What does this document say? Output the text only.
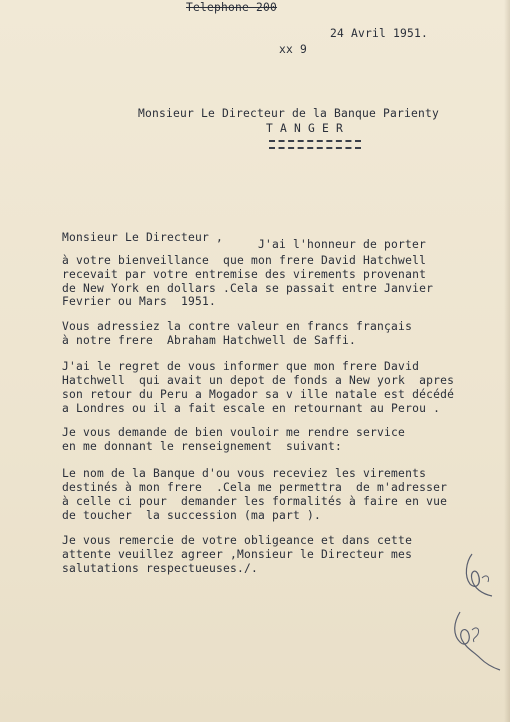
Telephone 200
24 Avril 1951.
xx 9
Monsieur Le Directeur de la Banque Parienty
T A N G E R
Monsieur Le Directeur ,
J'ai l'honneur de porter
à votre bienveillance  que mon frere David Hatchwell
recevait par votre entremise des virements provenant
de New York en dollars .Cela se passait entre Janvier
Fevrier ou Mars  1951.
Vous adressiez la contre valeur en francs français
à notre frere  Abraham Hatchwell de Saffi.
J'ai le regret de vous informer que mon frere David
Hatchwell  qui avait un depot de fonds a New york  apres
son retour du Peru a Mogador sa v ille natale est décédé
a Londres ou il a fait escale en retournant au Perou .
Je vous demande de bien vouloir me rendre service
en me donnant le renseignement  suivant:
Le nom de la Banque d'ou vous receviez les virements
destinés à mon frere  .Cela me permettra  de m'adresser
à celle ci pour  demander les formalités à faire en vue
de toucher  la succession (ma part ).
Je vous remercie de votre obligeance et dans cette
attente veuillez agreer ,Monsieur le Directeur mes
salutations respectueuses./.
